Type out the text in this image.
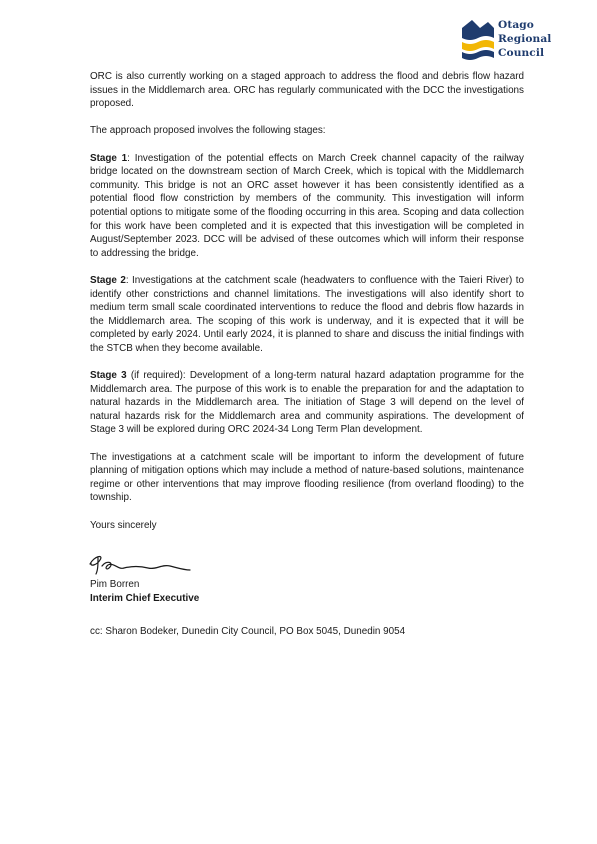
Otago
Regional
Council

ORC is also currently working on a staged approach to address the flood and debris flow hazard issues in the Middlemarch area. ORC has regularly communicated with the DCC the investigations proposed.

The approach proposed involves the following stages:

Stage 1: Investigation of the potential effects on March Creek channel capacity of the railway bridge located on the downstream section of March Creek, which is topical with the Middlemarch community. This bridge is not an ORC asset however it has been consistently identified as a potential flood flow constriction by members of the community. This investigation will inform potential options to mitigate some of the flooding occurring in this area. Scoping and data collection for this work have been completed and it is expected that this investigation will be completed in August/September 2023. DCC will be advised of these outcomes which will inform their response to addressing the bridge.

Stage 2: Investigations at the catchment scale (headwaters to confluence with the Taieri River) to identify other constrictions and channel limitations. The investigations will also identify short to medium term small scale coordinated interventions to reduce the flood and debris flow hazards in the Middlemarch area. The scoping of this work is underway, and it is expected that it will be completed by early 2024. Until early 2024, it is planned to share and discuss the initial findings with the STCB when they become available.

Stage 3 (if required): Development of a long-term natural hazard adaptation programme for the Middlemarch area. The purpose of this work is to enable the preparation for and the adaptation to natural hazards in the Middlemarch area. The initiation of Stage 3 will depend on the level of natural hazards risk for the Middlemarch area and community aspirations. The development of Stage 3 will be explored during ORC 2024-34 Long Term Plan development.

The investigations at a catchment scale will be important to inform the development of future planning of mitigation options which may include a method of nature-based solutions, maintenance regime or other interventions that may improve flooding resilience (from overland flooding) to the township.

Yours sincerely

Pim Borren
Interim Chief Executive

cc: Sharon Bodeker, Dunedin City Council, PO Box 5045, Dunedin 9054
